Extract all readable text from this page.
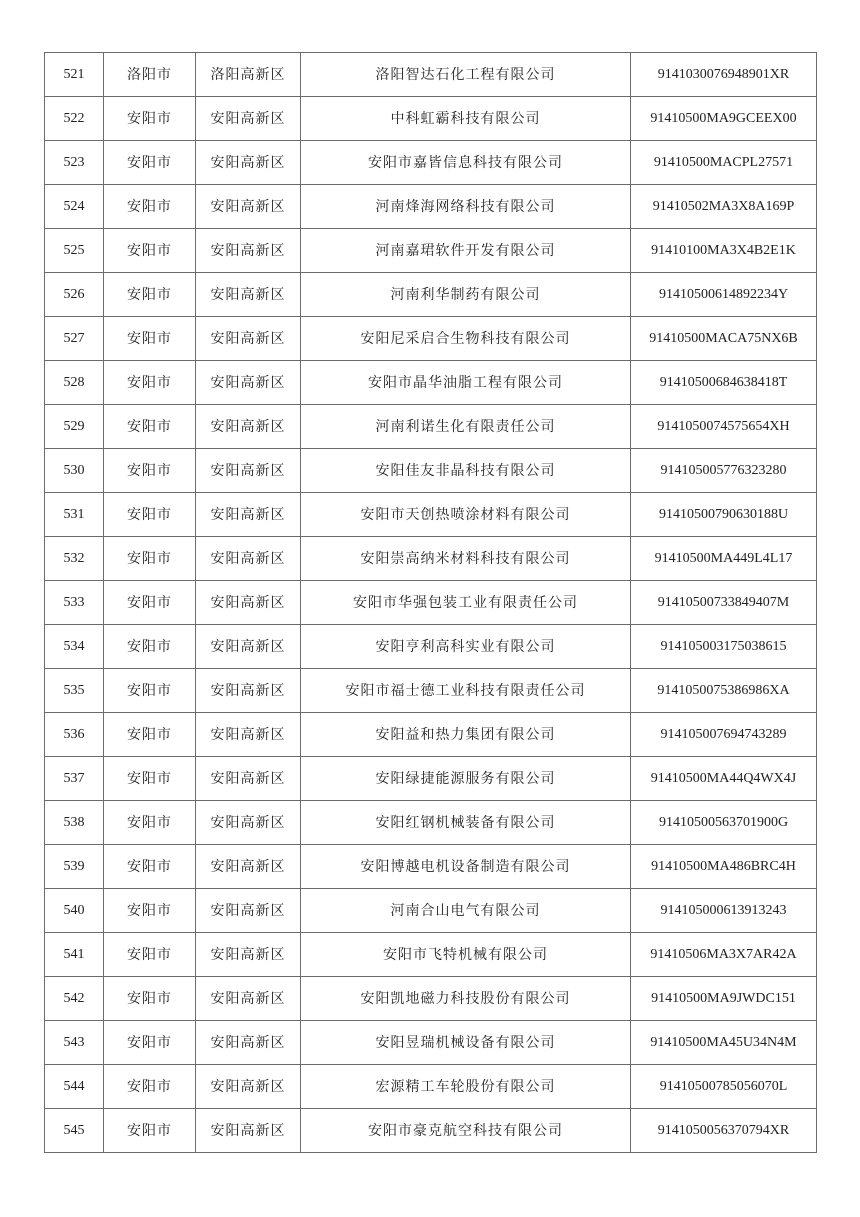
521	洛阳市	洛阳高新区	洛阳智达石化工程有限公司	9141030076948901XR
522	安阳市	安阳高新区	中科虹霸科技有限公司	91410500MA9GCEEX00
523	安阳市	安阳高新区	安阳市嘉皆信息科技有限公司	91410500MACPL27571
524	安阳市	安阳高新区	河南烽海网络科技有限公司	91410502MA3X8A169P
525	安阳市	安阳高新区	河南嘉珺软件开发有限公司	91410100MA3X4B2E1K
526	安阳市	安阳高新区	河南利华制药有限公司	91410500614892234Y
527	安阳市	安阳高新区	安阳尼采启合生物科技有限公司	91410500MACA75NX6B
528	安阳市	安阳高新区	安阳市晶华油脂工程有限公司	91410500684638418T
529	安阳市	安阳高新区	河南利诺生化有限责任公司	9141050074575654XH
530	安阳市	安阳高新区	安阳佳友非晶科技有限公司	914105005776323280
531	安阳市	安阳高新区	安阳市天创热喷涂材料有限公司	91410500790630188U
532	安阳市	安阳高新区	安阳崇高纳米材料科技有限公司	91410500MA449L4L17
533	安阳市	安阳高新区	安阳市华强包装工业有限责任公司	91410500733849407M
534	安阳市	安阳高新区	安阳亨利高科实业有限公司	914105003175038615
535	安阳市	安阳高新区	安阳市福士德工业科技有限责任公司	9141050075386986XA
536	安阳市	安阳高新区	安阳益和热力集团有限公司	914105007694743289
537	安阳市	安阳高新区	安阳绿捷能源服务有限公司	91410500MA44Q4WX4J
538	安阳市	安阳高新区	安阳红钢机械装备有限公司	91410500563701900G
539	安阳市	安阳高新区	安阳博越电机设备制造有限公司	91410500MA486BRC4H
540	安阳市	安阳高新区	河南合山电气有限公司	914105000613913243
541	安阳市	安阳高新区	安阳市飞特机械有限公司	91410506MA3X7AR42A
542	安阳市	安阳高新区	安阳凯地磁力科技股份有限公司	91410500MA9JWDC151
543	安阳市	安阳高新区	安阳昱瑞机械设备有限公司	91410500MA45U34N4M
544	安阳市	安阳高新区	宏源精工车轮股份有限公司	91410500785056070L
545	安阳市	安阳高新区	安阳市豪克航空科技有限公司	9141050056370794XR
